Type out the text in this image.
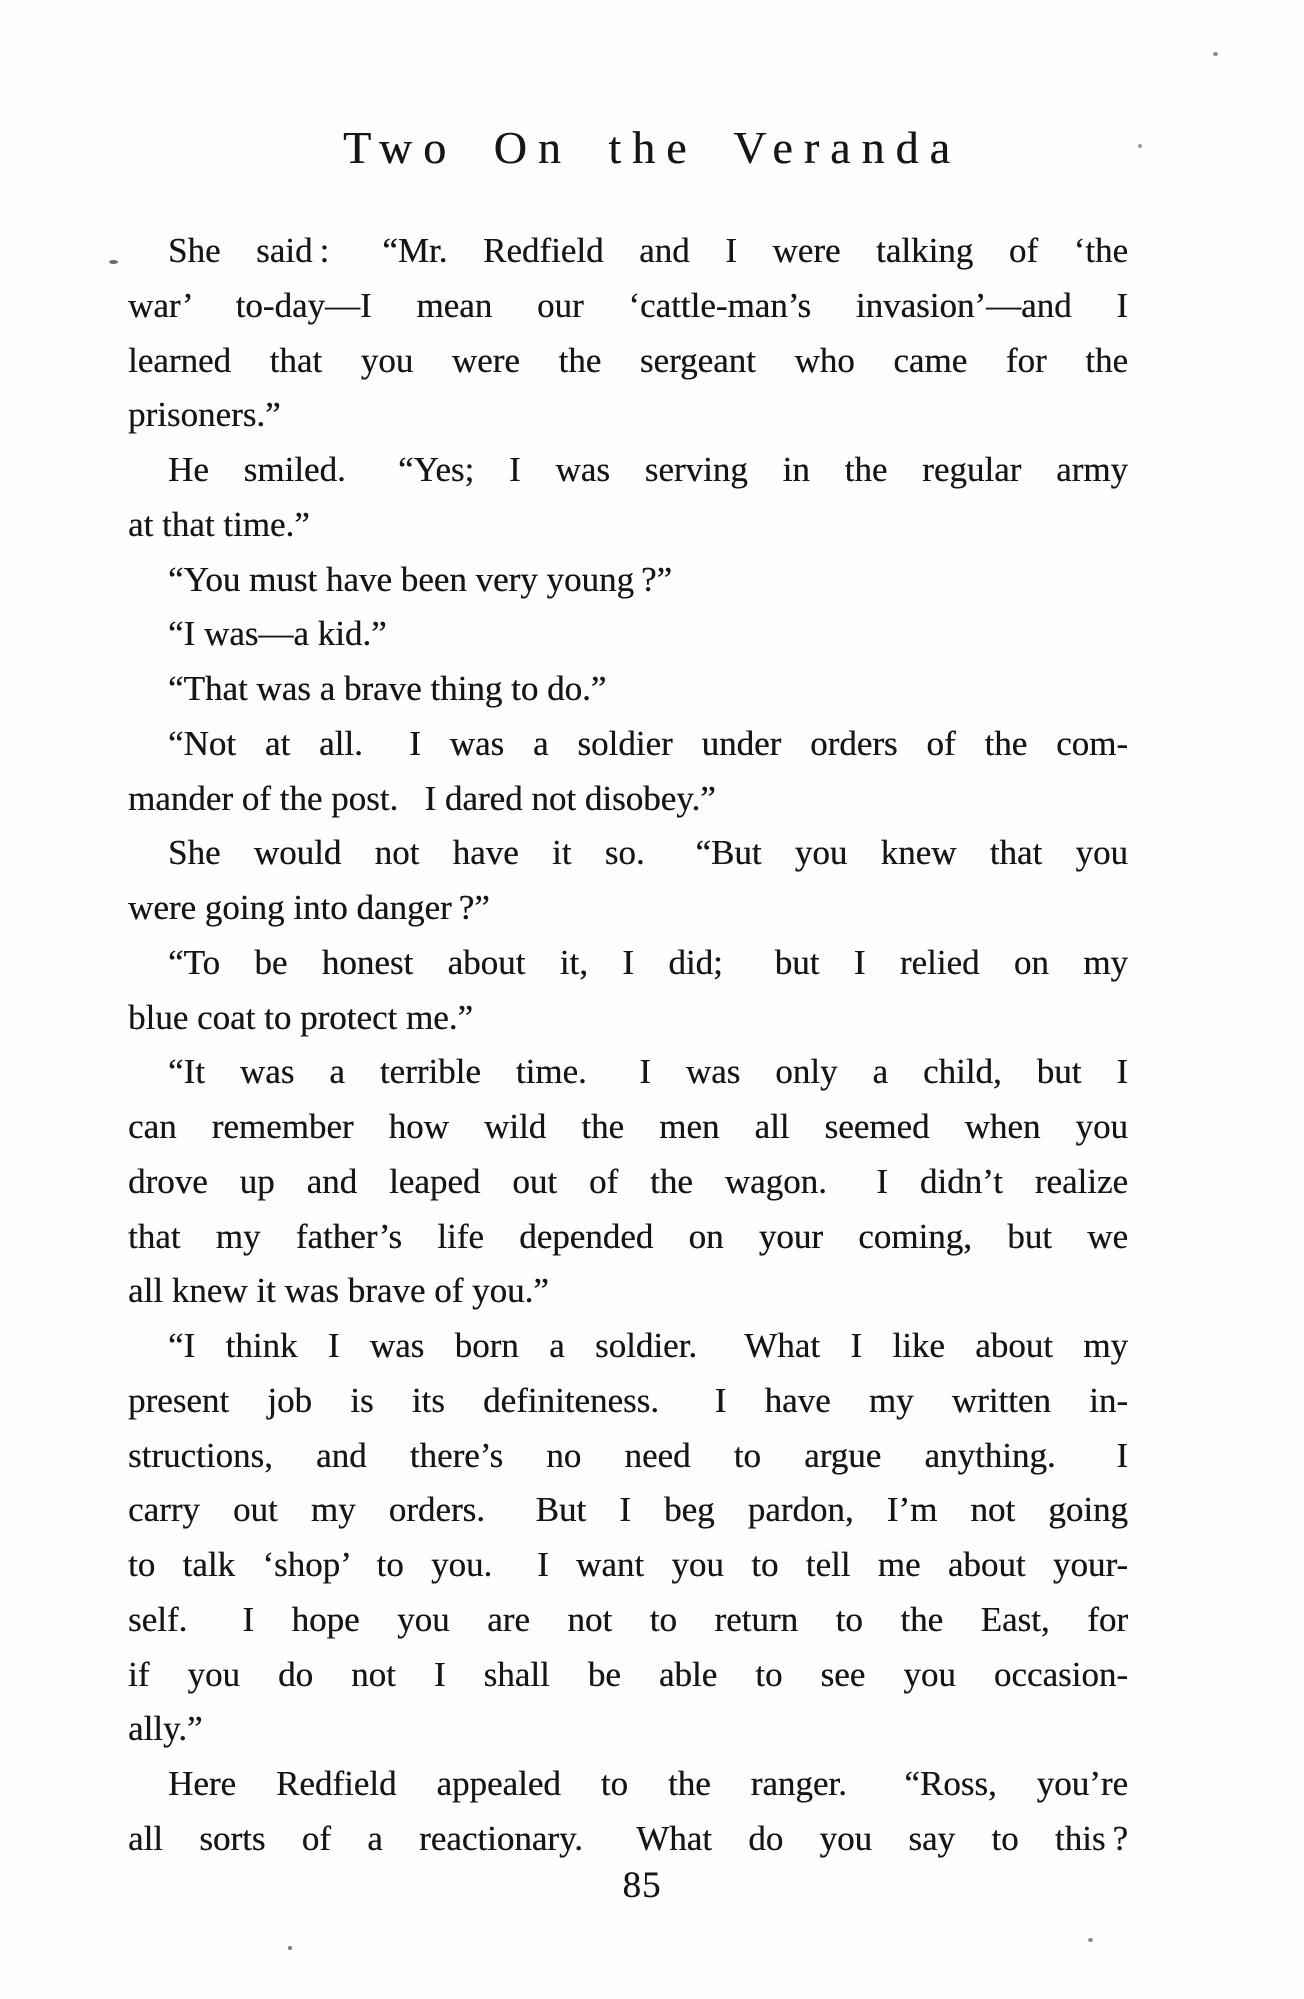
Two On the Veranda
She said :  “Mr. Redfield and I were talking of ‘the
war’ to-day—I mean our ‘cattle-man’s invasion’—and I
learned that you were the sergeant who came for the
prisoners.”
He smiled.  “Yes; I was serving in the regular army
at that time.”
“You must have been very young ?”
“I was—a kid.”
“That was a brave thing to do.”
“Not at all.  I was a soldier under orders of the com-
mander of the post.  I dared not disobey.”
She would not have it so.  “But you knew that you
were going into danger ?”
“To be honest about it, I did;  but I relied on my
blue coat to protect me.”
“It was a terrible time.  I was only a child, but I
can remember how wild the men all seemed when you
drove up and leaped out of the wagon.  I didn’t realize
that my father’s life depended on your coming, but we
all knew it was brave of you.”
“I think I was born a soldier.  What I like about my
present job is its definiteness.  I have my written in-
structions, and there’s no need to argue anything.  I
carry out my orders.  But I beg pardon, I’m not going
to talk ‘shop’ to you.  I want you to tell me about your-
self.  I hope you are not to return to the East, for
if you do not I shall be able to see you occasion-
ally.”
Here Redfield appealed to the ranger.  “Ross, you’re
all sorts of a reactionary.  What do you say to this ?
85
